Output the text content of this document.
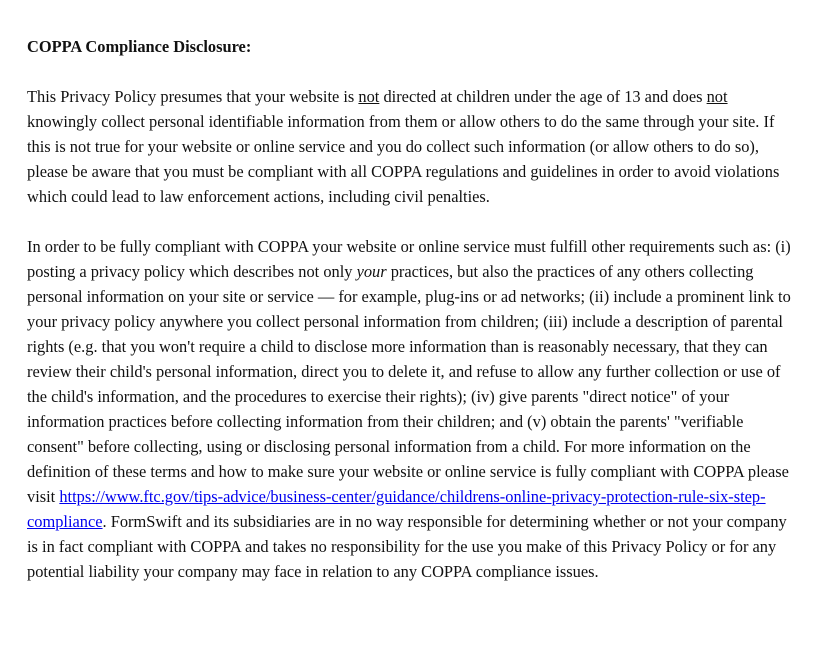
COPPA Compliance Disclosure:

This Privacy Policy presumes that your website is not directed at children under the age of 13 and does not knowingly collect personal identifiable information from them or allow others to do the same through your site. If this is not true for your website or online service and you do collect such information (or allow others to do so), please be aware that you must be compliant with all COPPA regulations and guidelines in order to avoid violations which could lead to law enforcement actions, including civil penalties.

In order to be fully compliant with COPPA your website or online service must fulfill other requirements such as: (i) posting a privacy policy which describes not only your practices, but also the practices of any others collecting personal information on your site or service — for example, plug-ins or ad networks; (ii) include a prominent link to your privacy policy anywhere you collect personal information from children; (iii) include a description of parental rights (e.g. that you won't require a child to disclose more information than is reasonably necessary, that they can review their child's personal information, direct you to delete it, and refuse to allow any further collection or use of the child's information, and the procedures to exercise their rights); (iv) give parents "direct notice" of your information practices before collecting information from their children; and (v) obtain the parents' "verifiable consent" before collecting, using or disclosing personal information from a child. For more information on the definition of these terms and how to make sure your website or online service is fully compliant with COPPA please visit https://www.ftc.gov/tips-advice/business-center/guidance/childrens-online-privacy-protection-rule-six-step-compliance. FormSwift and its subsidiaries are in no way responsible for determining whether or not your company is in fact compliant with COPPA and takes no responsibility for the use you make of this Privacy Policy or for any potential liability your company may face in relation to any COPPA compliance issues.
